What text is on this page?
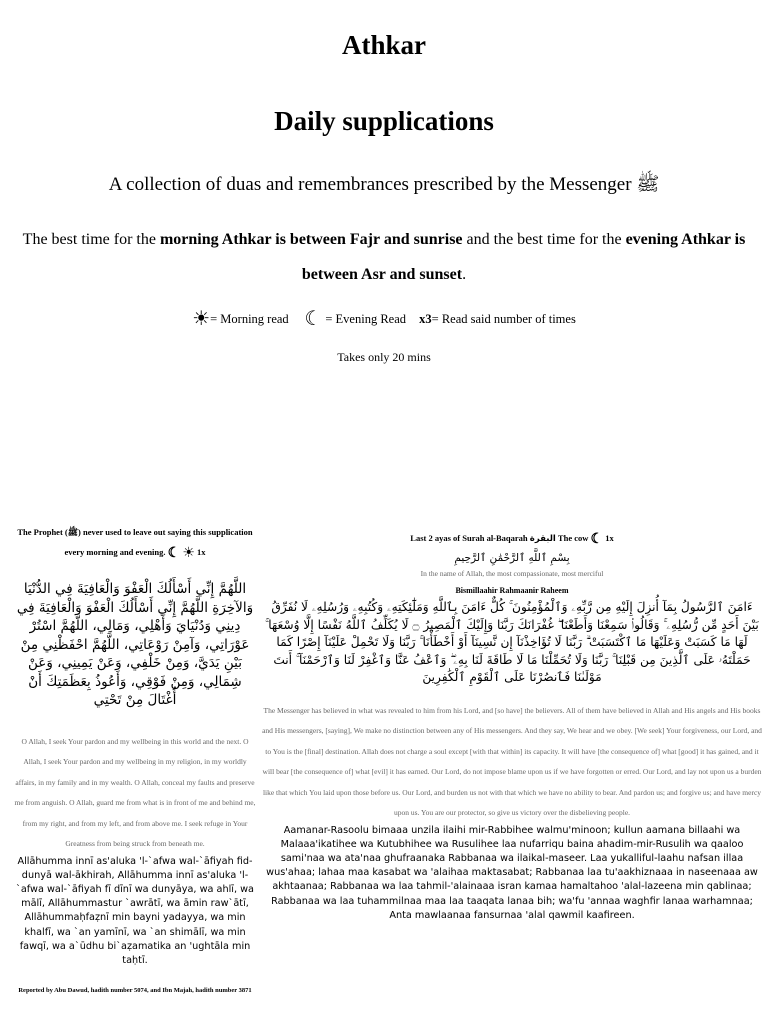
Athkar
Daily supplications
A collection of duas and remembrances prescribed by the Messenger ﷺ
The best time for the morning Athkar is between Fajr and sunrise and the best time for the evening Athkar is between Asr and sunset.
☀= Morning read ☾ = Evening Read x3= Read said number of times
Takes only 20 mins
The Prophet (ﷺ) never used to leave out saying this supplication every morning and evening. ☾ ☀ 1x
اللَّهُمَّ إِنِّي أَسْأَلُكَ الْعَفْوَ وَالْعَافِيَةَ فِي الدُّنْيَا وَالآخِرَةِ اللَّهُمَّ إِنِّي أَسْأَلُكَ الْعَفْوَ وَالْعَافِيَةَ فِي دِينِي وَدُنْيَايَ وَأَهْلِي، وَمَالِي، اللَّهُمَّ اسْتُرْ عَوْرَاتِي، وَآمِنْ رَوْعَاتِي، اللَّهُمَّ احْفَظْنِي مِنْ بَيْنِ يَدَيَّ، وَمِنْ خَلْفِي، وَعَنْ يَمِينِي، وَعَنْ شِمَالِي، وَمِنْ فَوْقِي، وَأَعُوذُ بِعَظَمَتِكَ أَنْ أُغْتَالَ مِنْ تَحْتِي
O Allah, I seek Your pardon and my wellbeing in this world and the next. O Allah, I seek Your pardon and my wellbeing in my religion, in my worldly affairs, in my family and in my wealth. O Allah, conceal my faults and preserve me from anguish. O Allah, guard me from what is in front of me and behind me, from my right, and from my left, and from above me. I seek refuge in Your Greatness from being struck from beneath me.
Allāhumma innī as'aluka 'l-`afwa wal-`āfiyah fid-dunyā wal-ākhirah, Allāhumma innī as'aluka 'l-`afwa wal-`āfiyah fī dīnī wa dunyāya, wa ahlī, wa mālī, Allāhummastur `awrātī, wa āmin raw`ātī, Allāhummaḥfaẓnī min bayni yadayya, wa min khalfī, wa `an yamīnī, wa `an shimālī, wa min fawqī, wa a`ūdhu bi`aẓamatika an 'ughtāla min taḥtī.
Reported by Abu Dawud, hadith number 5074, and Ibn Majah, hadith number 3871
Last 2 ayas of Surah al-Baqarah البقرة The cow ☾ 1x
بِسْمِ ٱللَّهِ ٱلرَّحْمَٰنِ ٱلرَّحِيمِ
In the name of Allah, the most compassionate, most merciful
Bismillaahir Rahmaanir Raheem
ءَامَنَ ٱلرَّسُولُ بِمَآ أُنزِلَ إِلَيْهِ مِن رَّبِّهِۦ وَٱلْمُؤْمِنُونَ ۚ كُلٌّ ءَامَنَ بِٱللَّهِ وَمَلَٰٓئِكَتِهِۦ وَكُتُبِهِۦ وَرُسُلِهِۦ لَا نُفَرِّقُ بَيْنَ أَحَدٍ مِّن رُّسُلِهِۦ ۚ وَقَالُوا۟ سَمِعْنَا وَأَطَعْنَا ۖ غُفْرَانَكَ رَبَّنَا وَإِلَيْكَ ٱلْمَصِيرُ ۝ لَا يُكَلِّفُ ٱللَّهُ نَفْسًا إِلَّا وُسْعَهَا ۚ لَهَا مَا كَسَبَتْ وَعَلَيْهَا مَا ٱكْتَسَبَتْ ۗ رَبَّنَا لَا تُؤَاخِذْنَآ إِن نَّسِينَآ أَوْ أَخْطَأْنَا ۚ رَبَّنَا وَلَا تَحْمِلْ عَلَيْنَآ إِصْرًا كَمَا حَمَلْتَهُۥ عَلَى ٱلَّذِينَ مِن قَبْلِنَا ۚ رَبَّنَا وَلَا تُحَمِّلْنَا مَا لَا طَاقَةَ لَنَا بِهِۦ ۖ وَٱعْفُ عَنَّا وَٱغْفِرْ لَنَا وَٱرْحَمْنَآ ۚ أَنتَ مَوْلَىٰنَا فَٱنصُرْنَا عَلَى ٱلْقَوْمِ ٱلْكَٰفِرِينَ
The Messenger has believed in what was revealed to him from his Lord, and [so have] the believers. All of them have believed in Allah and His angels and His books and His messengers, [saying], We make no distinction between any of His messengers. And they say, We hear and we obey. [We seek] Your forgiveness, our Lord, and to You is the [final] destination. Allah does not charge a soul except [with that within] its capacity. It will have [the consequence of] what [good] it has gained, and it will bear [the consequence of] what [evil] it has earned. Our Lord, do not impose blame upon us if we have forgotten or erred. Our Lord, and lay not upon us a burden like that which You laid upon those before us. Our Lord, and burden us not with that which we have no ability to bear. And pardon us; and forgive us; and have mercy upon us. You are our protector, so give us victory over the disbelieving people.
Aamanar-Rasoolu bimaaa unzila ilaihi mir-Rabbihee walmu'minoon; kullun aamana billaahi wa Malaaa'ikatihee wa Kutubhihee wa Rusulihee laa nufarriqu baina ahadim-mir-Rusulih wa qaaloo sami'naa wa ata'naa ghufraanaka Rabbanaa wa ilaikal-maseer. Laa yukalliful-laahu nafsan illaa wus'ahaa; lahaa maa kasabat wa 'alaihaa maktasabat; Rabbanaa laa tu'aakhiznaaa in naseenaaa aw akhtaanaa; Rabbanaa wa laa tahmil-'alainaaa isran kamaa hamaltahoo 'alal-lazeena min qablinaa; Rabbanaa wa laa tuhammilnaa maa laa taaqata lanaa bih; wa'fu 'annaa waghfir lanaa warhamnaa; Anta mawlaanaa fansurnaa 'alal qawmil kaafireen.
